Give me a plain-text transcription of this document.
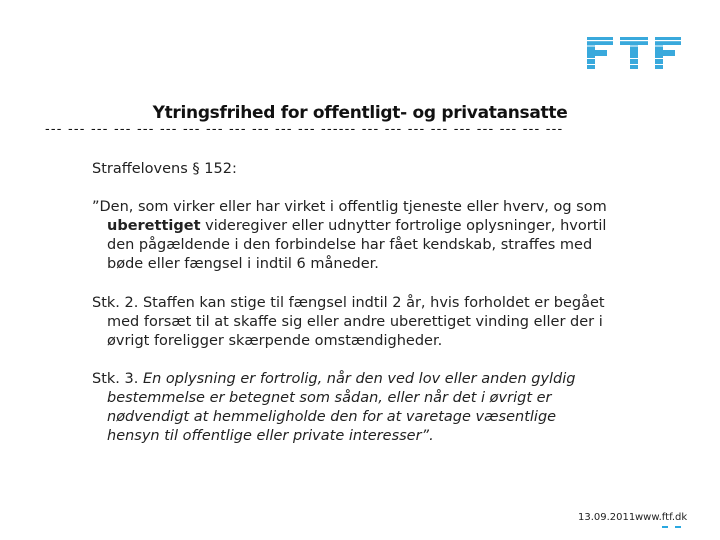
Ytringsfrihed for offentligt- og privatansatte
--- --- --- --- --- --- --- --- --- --- --- --- ------ --- --- --- --- --- --- --- --- ---

Straffelovens § 152:

”Den, som virker eller har virket i offentlig tjeneste eller hverv, og som uberettiget videregiver eller udnytter fortrolige oplysninger, hvortil den pågældende i den forbindelse har fået kendskab, straffes med bøde eller fængsel i indtil 6 måneder.

Stk. 2. Staffen kan stige til fængsel indtil 2 år, hvis forholdet er begået med forsæt til at skaffe sig eller andre uberettiget vinding eller der i øvrigt foreligger skærpende omstændigheder.

Stk. 3. En oplysning er fortrolig, når den ved lov eller anden gyldig bestemmelse er betegnet som sådan, eller når det i øvrigt er nødvendigt at hemmeligholde den for at varetage væsentlige hensyn til offentlige eller private interesser”.

13.09.2011 www.ftf.dk
